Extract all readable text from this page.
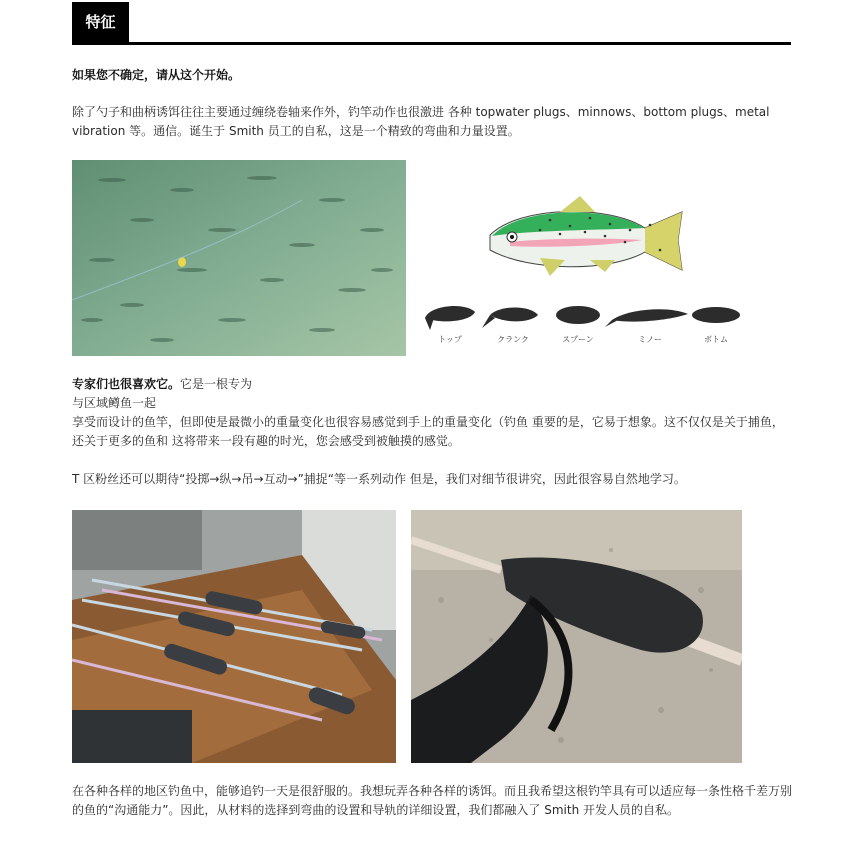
特征
如果您不确定，请从这个开始。

除了勺子和曲柄诱饵往往主要通过缠绕卷轴来作外，钓竿动作也很激进 各种 topwater plugs、minnows、bottom plugs、metal vibration 等。通信。诞生于 Smith 员工的自私，这是一个精致的弯曲和力量设置。

トップ	クランク	スプーン	ミノー	ボトム

专家们也很喜欢它。它是一根专为
与区域鳟鱼一起
享受而设计的鱼竿，但即使是最微小的重量变化也很容易感觉到手上的重量变化（钓鱼 重要的是，它易于想象。这不仅仅是关于捕鱼，还关于更多的鱼和 这将带来一段有趣的时光，您会感受到被触摸的感觉。

T 区粉丝还可以期待“投掷→纵→吊→互动→”捕捉“等一系列动作 但是，我们对细节很讲究，因此很容易自然地学习。

在各种各样的地区钓鱼中，能够追钓一天是很舒服的。我想玩弄各种各样的诱饵。而且我希望这根钓竿具有可以适应每一条性格千差万别的鱼的“沟通能力”。因此，从材料的选择到弯曲的设置和导轨的详细设置，我们都融入了 Smith 开发人员的自私。
